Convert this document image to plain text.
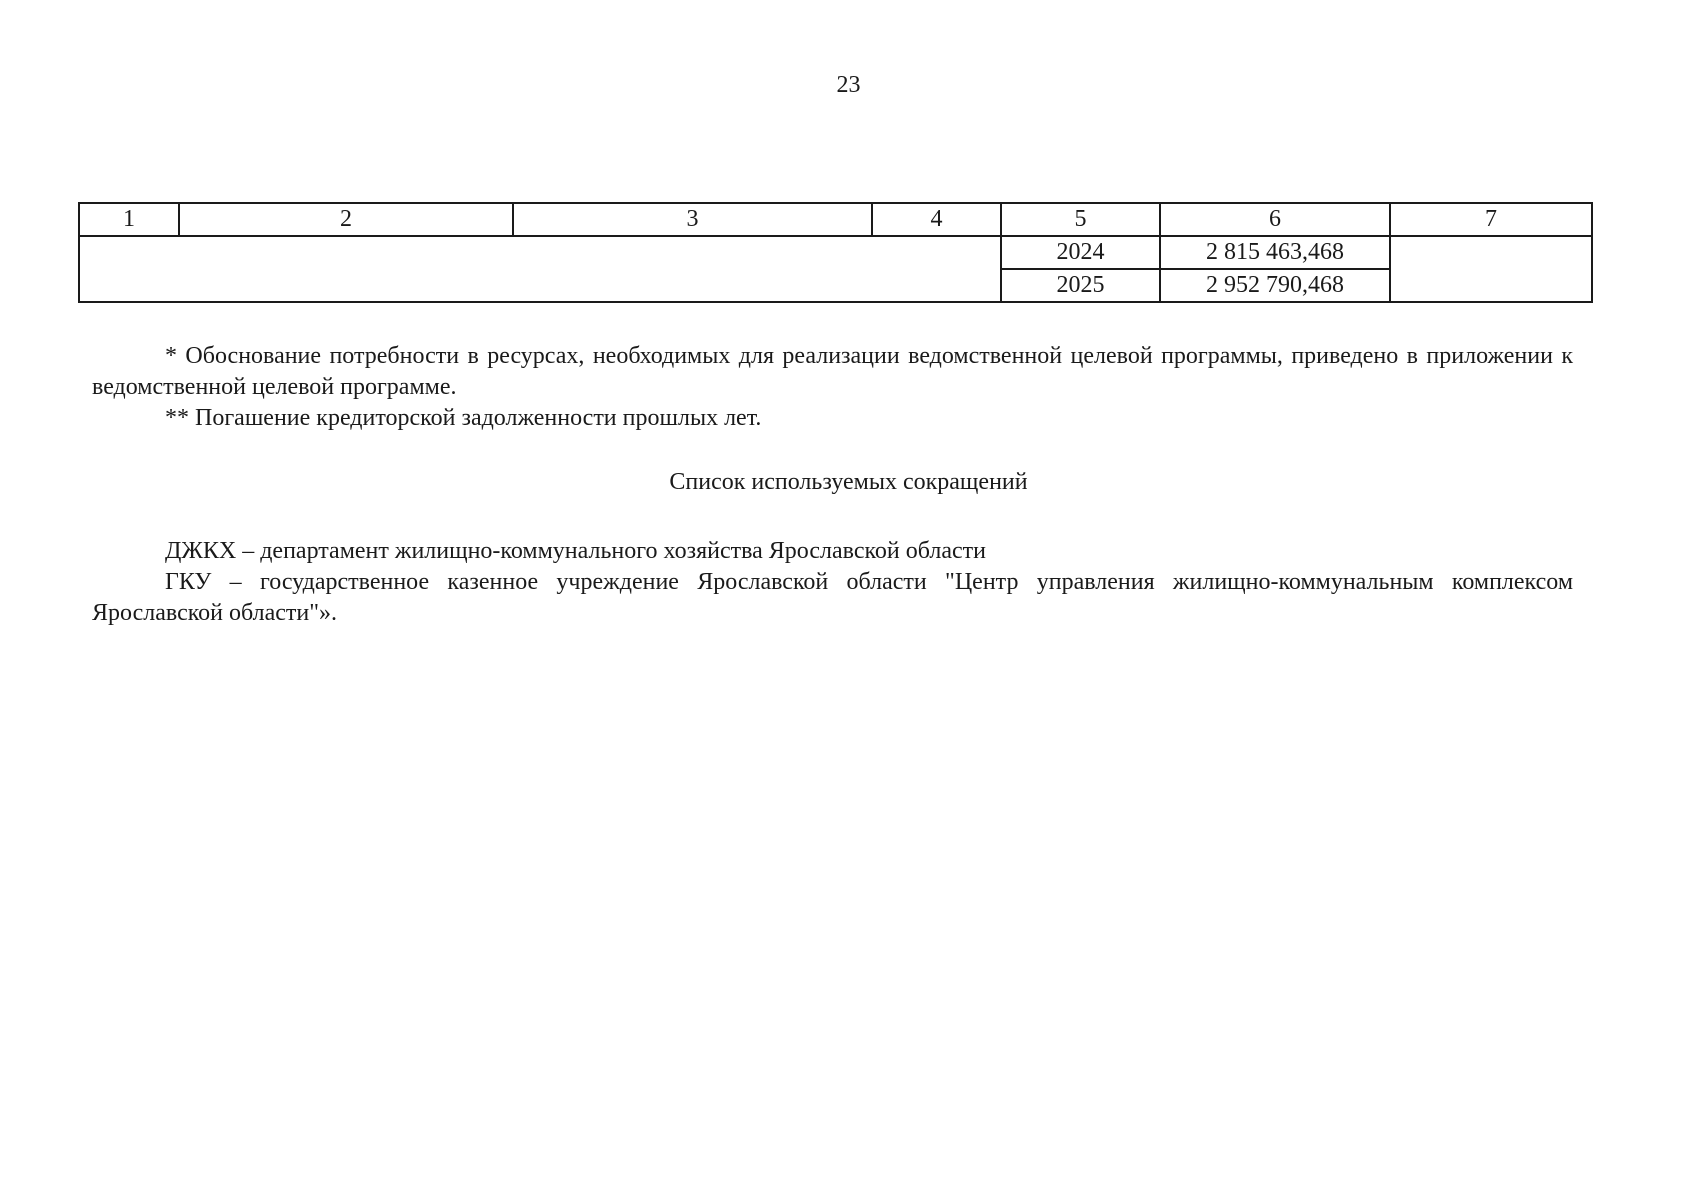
23
1	2	3	4	5	6	7
				2024	2 815 463,468	
				2025	2 952 790,468	

* Обоснование потребности в ресурсах, необходимых для реализации ведомственной целевой программы, приведено в приложении к ведомственной целевой программе.

** Погашение кредиторской задолженности прошлых лет.

Список используемых сокращений

ДЖКХ – департамент жилищно-коммунального хозяйства Ярославской области

ГКУ – государственное казенное учреждение Ярославской области "Центр управления жилищно-коммунальным комплексом Ярославской области"».
